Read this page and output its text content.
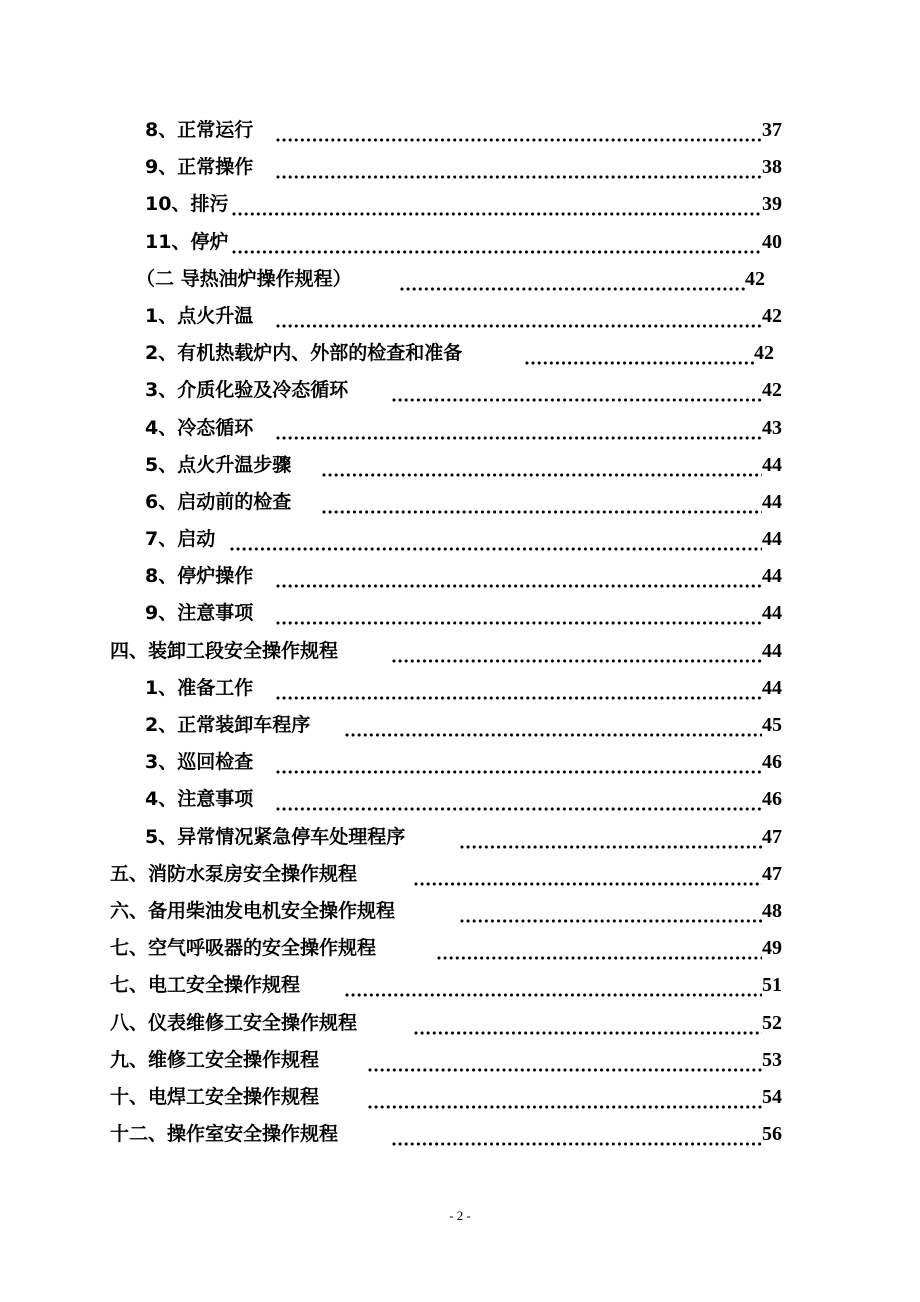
8、正常运行	37
9、正常操作	38
10、排污	39
11、停炉	40
（二 导热油炉操作规程）	42
1、点火升温	42
2、有机热载炉内、外部的检查和准备	42
3、介质化验及冷态循环	42
4、冷态循环	43
5、点火升温步骤	44
6、启动前的检查	44
7、启动	44
8、停炉操作	44
9、注意事项	44
四、装卸工段安全操作规程	44
1、准备工作	44
2、正常装卸车程序	45
3、巡回检查	46
4、注意事项	46
5、异常情况紧急停车处理程序	47
五、消防水泵房安全操作规程	47
六、备用柴油发电机安全操作规程	48
七、空气呼吸器的安全操作规程	49
七、电工安全操作规程	51
八、仪表维修工安全操作规程	52
九、维修工安全操作规程	53
十、电焊工安全操作规程	54
十二、操作室安全操作规程	56
- 2 -
